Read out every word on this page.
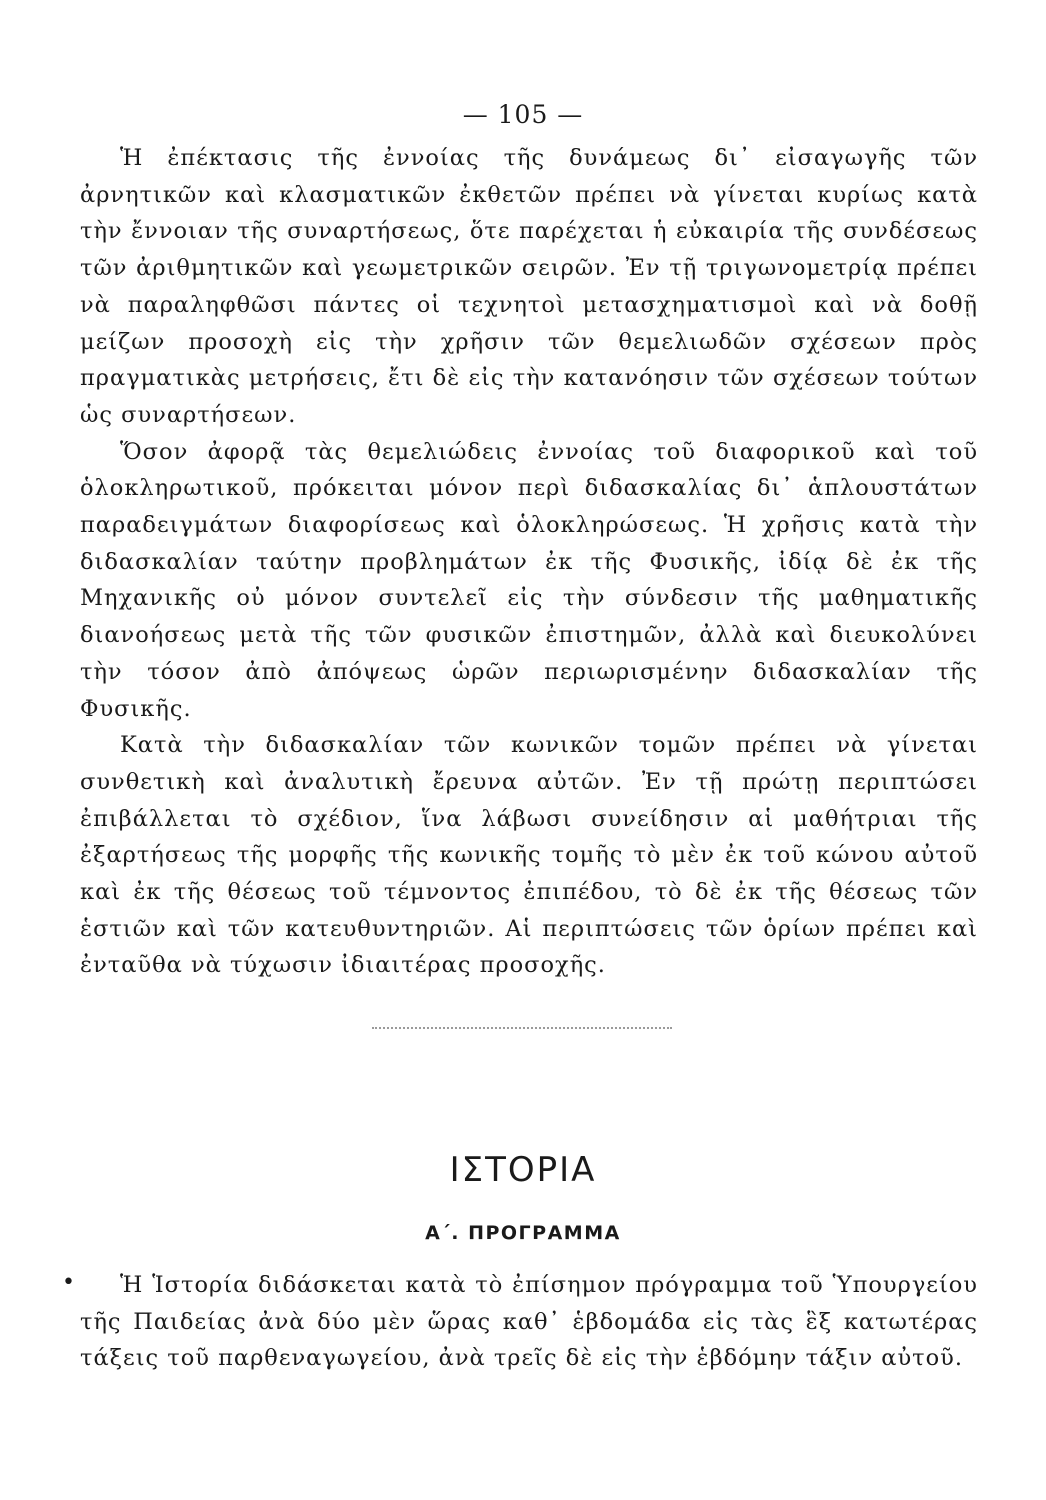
— 105 —

Ἡ ἐπέκτασις τῆς ἐννοίας τῆς δυνάμεως δι᾽ εἰσαγωγῆς τῶν ἀρνητικῶν καὶ κλασματικῶν ἐκθετῶν πρέπει νὰ γίνεται κυρίως κατὰ τὴν ἔννοιαν τῆς συναρτήσεως, ὅτε παρέχεται ἡ εὐκαιρία τῆς συνδέσεως τῶν ἀριθμητικῶν καὶ γεωμετρικῶν σειρῶν. Ἐν τῇ τριγωνομετρίᾳ πρέπει νὰ παραληφθῶσι πάντες οἱ τεχνητοὶ μετασχηματισμοὶ καὶ νὰ δοθῇ μείζων προσοχὴ εἰς τὴν χρῆσιν τῶν θεμελιωδῶν σχέσεων πρὸς πραγματικὰς μετρήσεις, ἔτι δὲ εἰς τὴν κατανόησιν τῶν σχέσεων τούτων ὡς συναρτήσεων.

Ὅσον ἀφορᾷ τὰς θεμελιώδεις ἐννοίας τοῦ διαφορικοῦ καὶ τοῦ ὁλοκληρωτικοῦ, πρόκειται μόνον περὶ διδασκαλίας δι᾽ ἁπλουστάτων παραδειγμάτων διαφορίσεως καὶ ὁλοκληρώσεως. Ἡ χρῆσις κατὰ τὴν διδασκαλίαν ταύτην προβλημάτων ἐκ τῆς Φυσικῆς, ἰδίᾳ δὲ ἐκ τῆς Μηχανικῆς οὐ μόνον συντελεῖ εἰς τὴν σύνδεσιν τῆς μαθηματικῆς διανοήσεως μετὰ τῆς τῶν φυσικῶν ἐπιστημῶν, ἀλλὰ καὶ διευκολύνει τὴν τόσον ἀπὸ ἀπόψεως ὡρῶν περιωρισμένην διδασκαλίαν τῆς Φυσικῆς.

Κατὰ τὴν διδασκαλίαν τῶν κωνικῶν τομῶν πρέπει νὰ γίνεται συνθετικὴ καὶ ἀναλυτικὴ ἔρευνα αὐτῶν. Ἐν τῇ πρώτῃ περιπτώσει ἐπιβάλλεται τὸ σχέδιον, ἵνα λάβωσι συνείδησιν αἱ μαθήτριαι τῆς ἐξαρτήσεως τῆς μορφῆς τῆς κωνικῆς τομῆς τὸ μὲν ἐκ τοῦ κώνου αὐτοῦ καὶ ἐκ τῆς θέσεως τοῦ τέμνοντος ἐπιπέδου, τὸ δὲ ἐκ τῆς θέσεως τῶν ἑστιῶν καὶ τῶν κατευθυντηριῶν. Αἱ περιπτώσεις τῶν ὁρίων πρέπει καὶ ἐνταῦθα νὰ τύχωσιν ἰδιαιτέρας προσοχῆς.

ΙΣΤΟΡΙΑ
Α΄. ΠΡΟΓΡΑΜΜΑ
•	Ἡ Ἱστορία διδάσκεται κατὰ τὸ ἐπίσημον πρόγραμμα τοῦ Ὑπουργείου τῆς Παιδείας ἀνὰ δύο μὲν ὥρας καθ᾽ ἑβδομάδα εἰς τὰς ἓξ κατωτέρας τάξεις τοῦ παρθεναγωγείου, ἀνὰ τρεῖς δὲ εἰς τὴν ἑβδόμην τάξιν αὐτοῦ.
